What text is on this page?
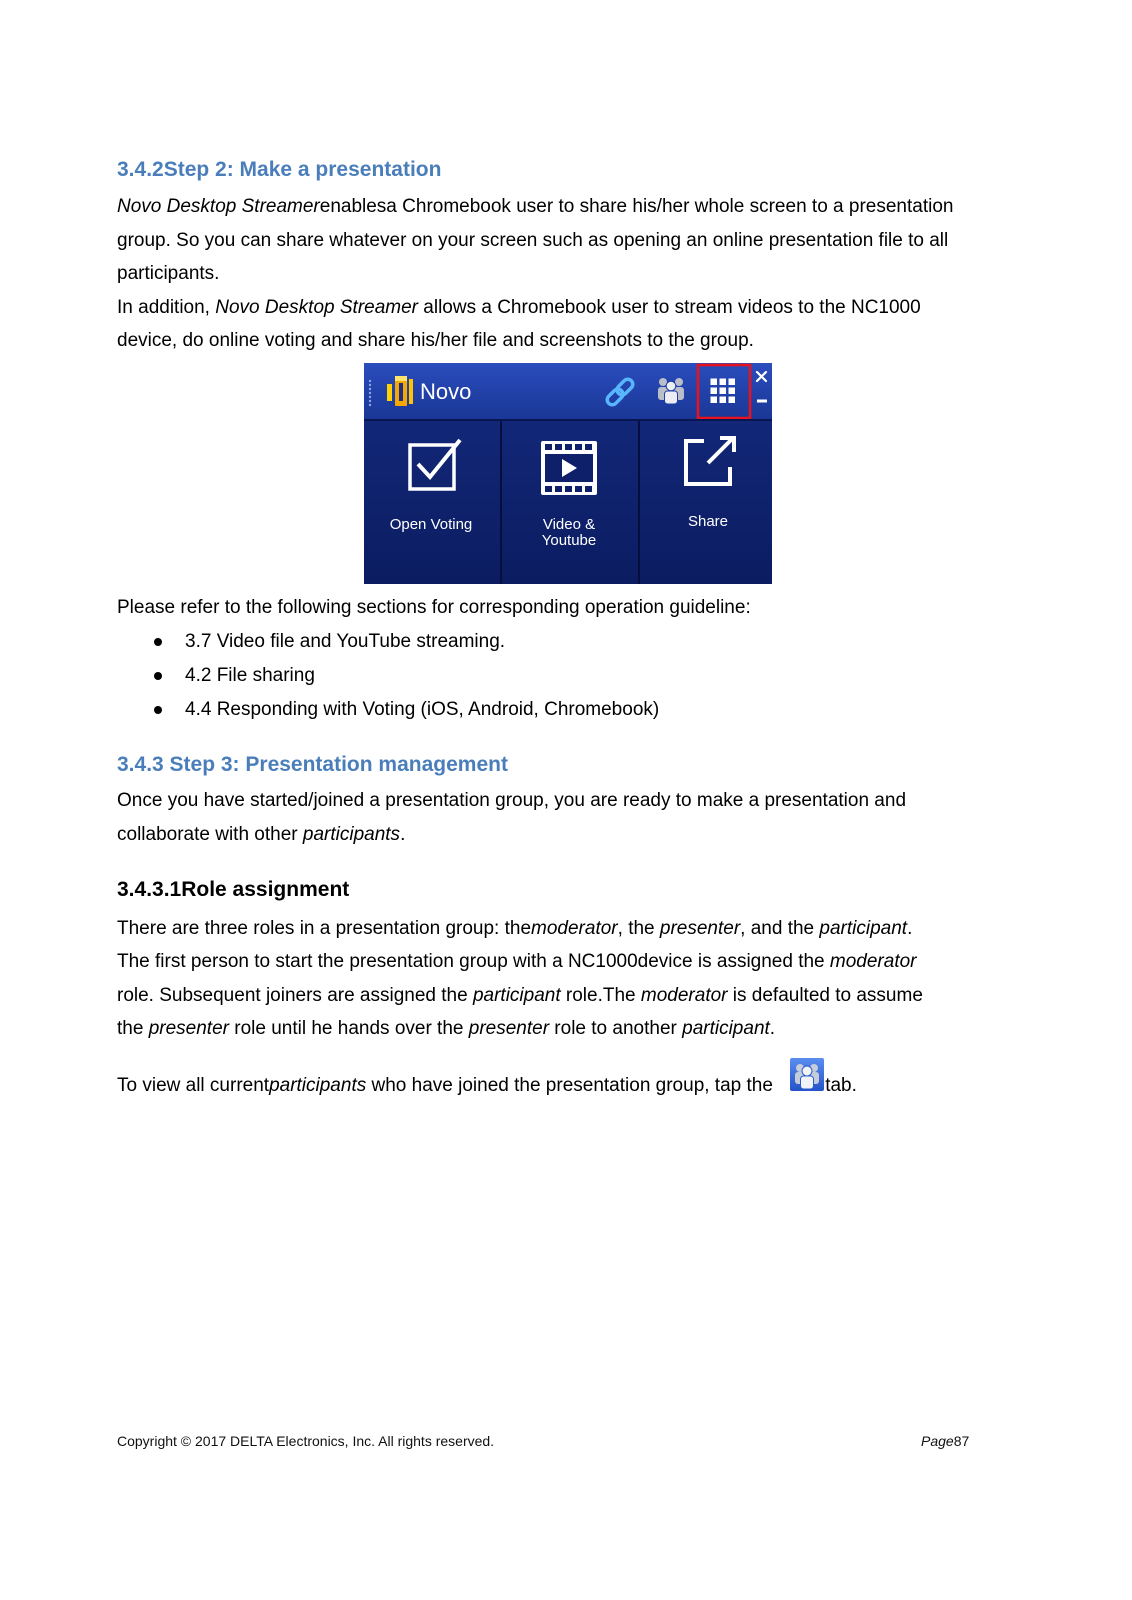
3.4.2Step 2: Make a presentation
Novo Desktop Streamerenablesa Chromebook user to share his/her whole screen to a presentation
group. So you can share whatever on your screen such as opening an online presentation file to all
participants.
In addition, Novo Desktop Streamer allows a Chromebook user to stream videos to the NC1000
device, do online voting and share his/her file and screenshots to the group.
Novo
Open Voting	Video &
Youtube
Share
Please refer to the following sections for corresponding operation guideline:
3.7 Video file and YouTube streaming.
4.2 File sharing
4.4 Responding with Voting (iOS, Android, Chromebook)
3.4.3 Step 3: Presentation management
Once you have started/joined a presentation group, you are ready to make a presentation and
collaborate with other participants.
3.4.3.1Role assignment
There are three roles in a presentation group: themoderator, the presenter, and the participant.
The first person to start the presentation group with a NC1000device is assigned the moderator
role. Subsequent joiners are assigned the participant role.The moderator is defaulted to assume
the presenter role until he hands over the presenter role to another participant.
To view all currentparticipants who have joined the presentation group, tap the tab.
Copyright © 2017 DELTA Electronics, Inc. All rights reserved.	Page87
